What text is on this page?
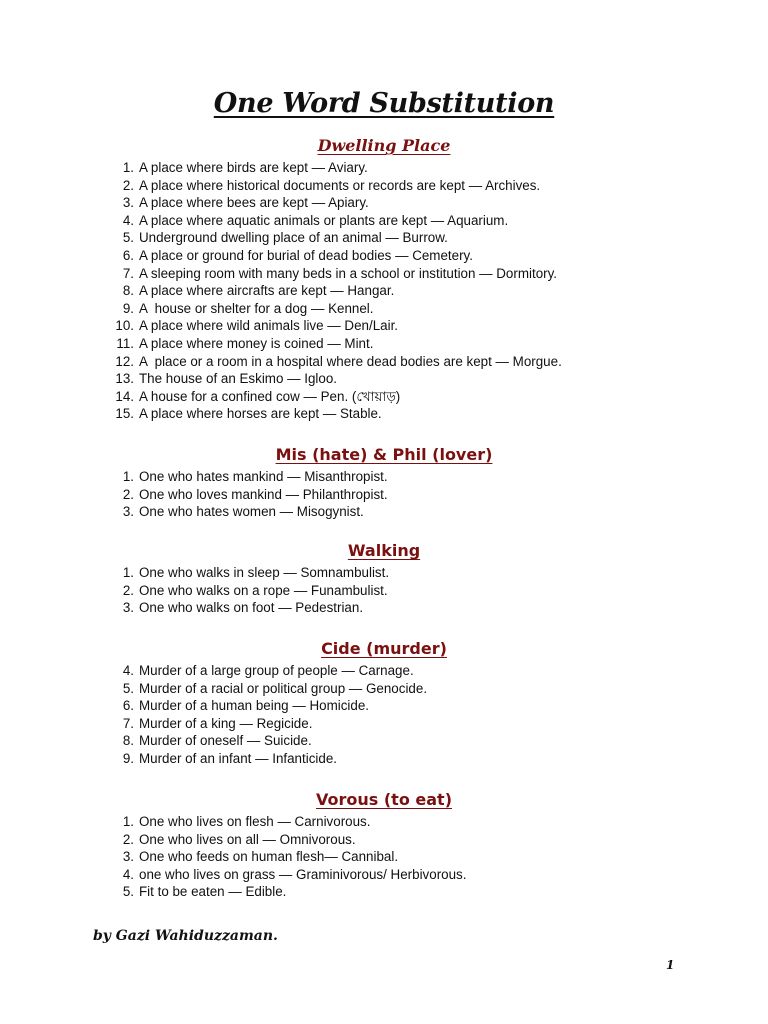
One Word Substitution
Dwelling Place
1. A place where birds are kept — Aviary.
2. A place where historical documents or records are kept — Archives.
3. A place where bees are kept — Apiary.
4. A place where aquatic animals or plants are kept — Aquarium.
5. Underground dwelling place of an animal — Burrow.
6. A place or ground for burial of dead bodies — Cemetery.
7. A sleeping room with many beds in a school or institution — Dormitory.
8. A place where aircrafts are kept — Hangar.
9. A  house or shelter for a dog — Kennel.
10. A place where wild animals live — Den/Lair.
11. A place where money is coined — Mint.
12. A  place or a room in a hospital where dead bodies are kept — Morgue.
13. The house of an Eskimo — Igloo.
14. A house for a confined cow — Pen. (খোয়াড়)
15. A place where horses are kept — Stable.
Mis (hate) & Phil (lover)
1. One who hates mankind — Misanthropist.
2. One who loves mankind — Philanthropist.
3. One who hates women — Misogynist.
Walking
1. One who walks in sleep — Somnambulist.
2. One who walks on a rope — Funambulist.
3. One who walks on foot — Pedestrian.
Cide (murder)
4. Murder of a large group of people — Carnage.
5. Murder of a racial or political group — Genocide.
6. Murder of a human being — Homicide.
7. Murder of a king — Regicide.
8. Murder of oneself — Suicide.
9. Murder of an infant — Infanticide.
Vorous (to eat)
1. One who lives on flesh — Carnivorous.
2. One who lives on all — Omnivorous.
3. One who feeds on human flesh— Cannibal.
4. one who lives on grass — Graminivorous/ Herbivorous.
5. Fit to be eaten — Edible.
by Gazi Wahiduzzaman.
1
